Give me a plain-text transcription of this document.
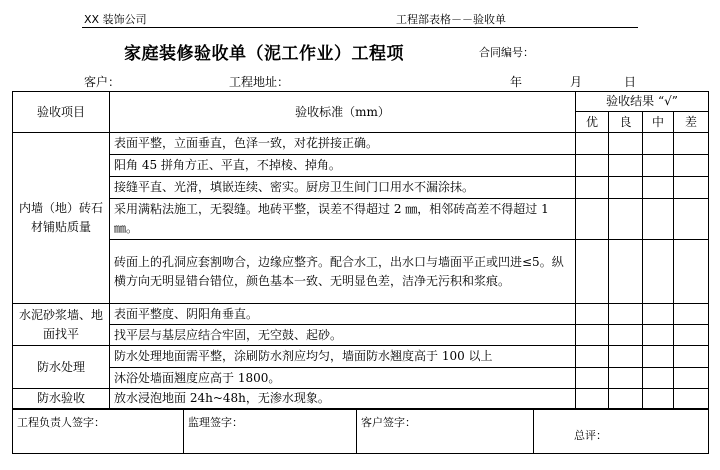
XX 装饰公司	工程部表格－－验收单
家庭装修验收单（泥工作业）工程项	合同编号：
客户：	工程地址：	年	月	日
验收项目	验收标准（mm）	验收结果 “√”			
		优	良	中	差
内墙（地）砖石材铺贴质量	表面平整，立面垂直，色泽一致，对花拼接正确。				
	阳角 45 拼角方正、平直，不掉棱、掉角。				
	接缝平直、光滑，填嵌连续、密实。厨房卫生间门口用水不漏涂抹。				
	采用满粘法施工，无裂缝。地砖平整，误差不得超过 2 ㎜，相邻砖高差不得超过 1 ㎜。				
	砖面上的孔洞应套割吻合，边缘应整齐。配合水工，出水口与墙面平正或凹进≤5。纵横方向无明显错台错位，颜色基本一致、无明显色差，洁净无污积和浆痕。				
水泥砂浆墙、地面找平	表面平整度、阴阳角垂直。				
	找平层与基层应结合牢固，无空鼓、起砂。				
防水处理	防水处理地面需平整，涂刷防水剂应均匀，墙面防水翘度高于 100 以上				
	沐浴处墙面翘度应高于 1800。				
防水验收	放水浸泡地面 24h~48h，无渗水现象。				
工程负责人签字：	监理签字：	客户签字：	总评：
